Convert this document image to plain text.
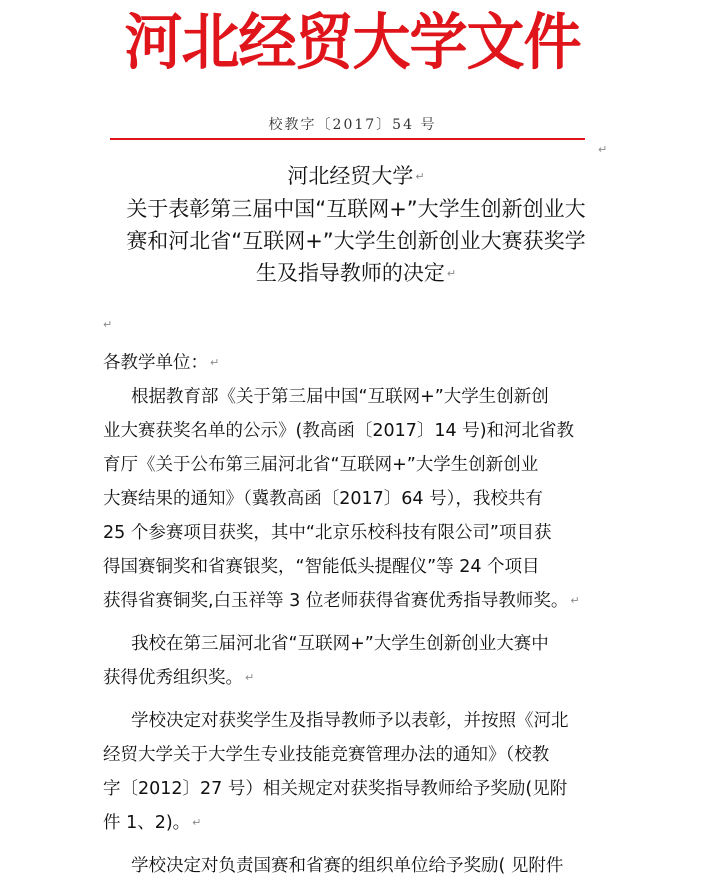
河北经贸大学文件
校教字〔2017〕54 号
↵
河北经贸大学 ↵
关于表彰第三届中国“互联网+”大学生创新创业大
赛和河北省“互联网+”大学生创新创业大赛获奖学
生及指导教师的决定 ↵
↵
各教学单位： ↵
根据教育部《关于第三届中国“互联网+”大学生创新创
业大赛获奖名单的公示》(教高函〔2017〕14 号)和河北省教
育厅《关于公布第三届河北省“互联网+”大学生创新创业
大赛结果的通知》（冀教高函〔2017〕64 号），我校共有
25 个参赛项目获奖，其中“北京乐校科技有限公司”项目获
得国赛铜奖和省赛银奖，“智能低头提醒仪”等 24 个项目
获得省赛铜奖,白玉祥等 3 位老师获得省赛优秀指导教师奖。 ↵
我校在第三届河北省“互联网+”大学生创新创业大赛中
获得优秀组织奖。 ↵
学校决定对获奖学生及指导教师予以表彰，并按照《河北
经贸大学关于大学生专业技能竞赛管理办法的通知》（校教
字〔2012〕27 号）相关规定对获奖指导教师给予奖励(见附
件 1、2)。 ↵
学校决定对负责国赛和省赛的组织单位给予奖励( 见附件
